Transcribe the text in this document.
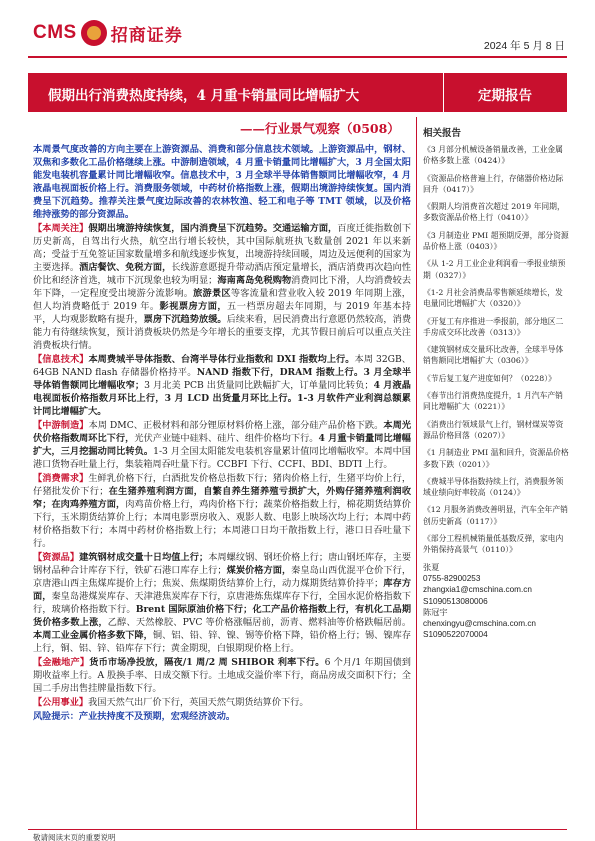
CMS 招商证券
2024 年 5 月 8 日
假期出行消费热度持续，4 月重卡销量同比增幅扩大	定期报告
——行业景气观察（0508）

本周景气度改善的方向主要在上游资源品、消费和部分信息技术领域。上游资源品中，钢材、双焦和多数化工品价格继续上涨。中游制造领域，4 月重卡销量同比增幅扩大，3 月全国太阳能发电装机容量累计同比增幅收窄。信息技术中，3 月全球半导体销售额同比增幅收窄，4 月液晶电视面板价格上行。消费服务领域，中药材价格指数上涨，假期出境游持续恢复。国内消费呈下沉趋势。推荐关注景气度边际改善的农林牧渔、轻工和电子等 TMT 领域，以及价格维持涨势的部分资源品。

【本周关注】假期出境游持续恢复，国内消费呈下沉趋势。交通运输方面，百度迁徙指数创下历史新高，自驾出行火热，航空出行增长较快，其中国际航班执飞数量创 2021 年以来新高；受益于互免签证国家数量增多和航线逐步恢复，出境游持续回暖，周边及远便利的国家为主要选择。酒店餐饮、免税方面，长线游意愿提升带动酒店预定量增长，酒店消费再次趋向性价比和经济首选，城市下沉现象也较为明显；海南离岛免税购物消费同比下滑，人均消费较去年下降，一定程度受出境游分流影响。旅游景区等客流量和营业收入较 2019 年同期上涨，但人均消费略低于 2019 年。影视票房方面，五一档票房超去年同期，与 2019 年基本持平，人均观影数略有提升，票房下沉趋势放缓。后续来看，居民消费出行意愿仍然较高，消费能力有待继续恢复，预计消费板块仍然是今年增长的重要支撑，尤其节假日前后可以重点关注消费板块行情。

【信息技术】本周费城半导体指数、台湾半导体行业指数和 DXI 指数均上行。本周 32GB、64GB NAND flash 存储器价格持平。NAND 指数下行，DRAM 指数上行。3 月全球半导体销售额同比增幅收窄；3 月北美 PCB 出货量同比跌幅扩大，订单量同比转负；4 月液晶电视面板价格指数月环比上行，3 月 LCD 出货量月环比上行。1-3 月软件产业利润总额累计同比增幅扩大。

【中游制造】本周 DMC、正极材料和部分锂原材料价格上涨，部分硅产品价格下跌。本周光伏价格指数周环比下行，光伏产业链中硅料、硅片、组件价格均下行。4 月重卡销量同比增幅扩大，三月挖掘动同比转负。1-3 月全国太阳能发电装机容量累计值同比增幅收窄。本周中国港口货物吞吐量上行，集装箱周吞吐量下行。CCBFI 下行、CCFI、BDI、BDTI 上行。

【消费需求】生鲜乳价格下行，白酒批发价格总指数下行；猪肉价格上行，生猪平均价上行，仔猪批发价下行；在生猪养殖利润方面，自繁自养生猪养殖亏损扩大，外购仔猪养殖利润收窄；在肉鸡养殖方面，肉鸡苗价格上行，鸡肉价格下行；蔬菜价格指数上行，棉花期货结算价下行，玉米期货结算价上行；本周电影票房收入、观影人数、电影上映场次均上行；本周中药材价格指数下行；本周中药材价格指数上行；本周港口日均干散指数上行，港口日吞吐量下行。

【资源品】建筑钢材成交量十日均值上行；本周螺纹钢、钢坯价格上行；唐山钢坯库存，主要钢材品种合计库存下行，铁矿石港口库存上行；煤炭价格方面，秦皇岛山西优混平仓价下行，京唐港山西主焦煤库提价上行；焦炭、焦煤期货结算价上行，动力煤期货结算价持平；库存方面，秦皇岛港煤炭库存、天津港焦炭库存下行，京唐港炼焦煤库存下行，全国水泥价格指数下行，玻璃价格指数下行。Brent 国际原油价格下行；化工产品价格指数上行，有机化工品期货价格多数上涨，乙醇、天然橡胶、PVC 等价格涨幅居前，沥青、燃料油等价格跌幅居前。本周工业金属价格多数下降，铜、铝、铅、锌、镍、锡等价格下降，铅价格上行；锡、镍库存上行，铜、铝、锌、铅库存下行；黄金期现，白银期现价格上行。

【金融地产】货币市场净投放，隔夜/1 周/2 周 SHIBOR 利率下行。6 个月/1 年期国债到期收益率上行。A 股换手率、日成交额下行。土地成交溢价率下行，商品房成交面积下行；全国二手房出售挂牌量指数下行。

【公用事业】我国天然气出厂价下行，英国天然气期货结算价下行。

风险提示：产业扶持度不及预期，宏观经济波动。

相关报告
《3 月部分机械设备销量改善，工业金属价格多数上涨（0424）》
《资源品价格普遍上行，存储器价格边际回升（0417）》
《假期人均消费首次超过 2019 年同期，多数资源品价格上行（0410）》
《3 月制造业 PMI 超预期反弹，部分资源品价格上涨（0403）》
《从 1-2 月工业企业利润看一季报业绩预期（0327）》
《1-2 月社会消费品零售额延续增长，发电量同比增幅扩大（0320）》
《开复工有序推进一季报前，部分地区二手房成交环比改善（0313）》
《建筑钢材成交量环比改善，全球半导体销售额同比增幅扩大（0306）》
《节后复工复产进度如何？（0228）》
《春节出行消费热度提升，1 月汽车产销同比增幅扩大（0221）》
《消费出行领域景气上行，钢材煤炭等资源品价格回落（0207）》
《1 月制造业 PMI 温和回升，资源品价格多数下跌（0201）》
《费城半导体指数持续上行，消费服务领域业绩向好率较高（0124）》
《12 月服务消费改善明显，汽车全年产销创历史新高（0117）》
《部分工程机械销量低基数反弹，家电内外销保持高景气（0110）》
张夏
0755-82900253
zhangxia1@cmschina.com.cn
S1090513080006
陈冠宇
chenxingyu@cmschina.com.cn
S1090522070004
敬请阅读末页的重要说明
